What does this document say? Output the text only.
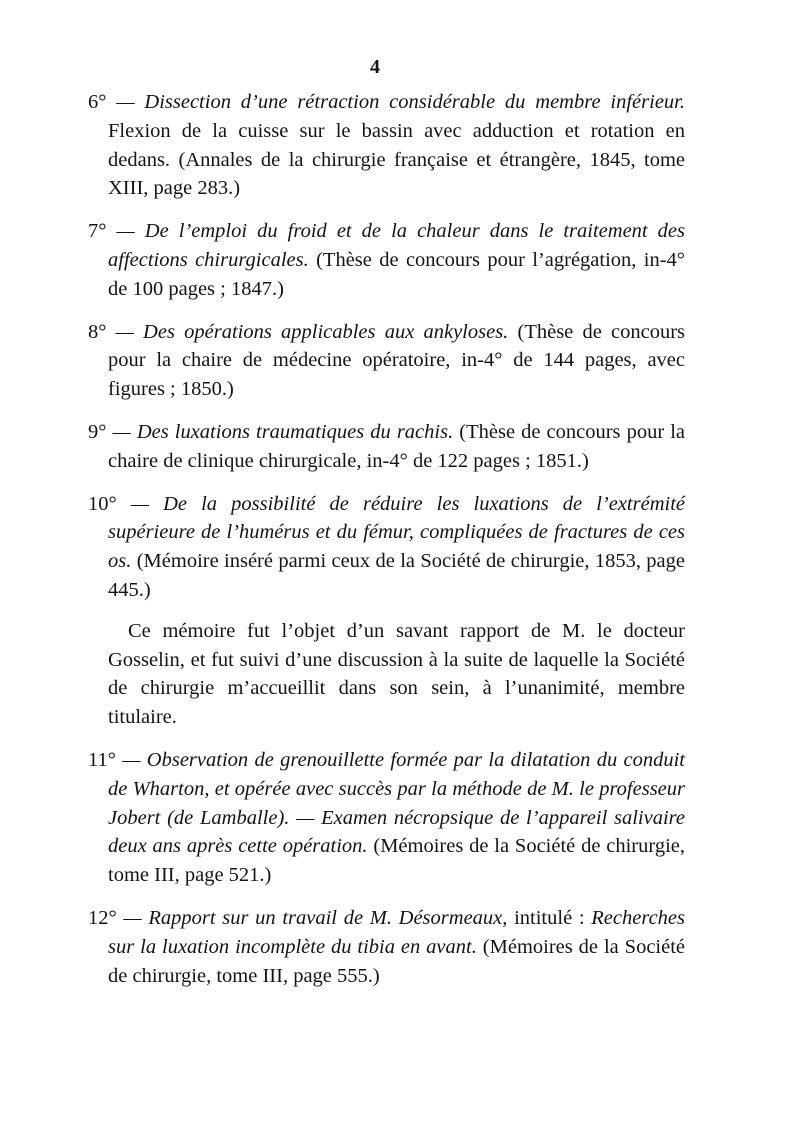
4

6° — Dissection d’une rétraction considérable du membre inférieur. Flexion de la cuisse sur le bassin avec adduction et rotation en dedans. (Annales de la chirurgie française et étrangère, 1845, tome XIII, page 283.)

7° — De l’emploi du froid et de la chaleur dans le traitement des affections chirurgicales. (Thèse de concours pour l’agrégation, in-4° de 100 pages ; 1847.)

8° — Des opérations applicables aux ankyloses. (Thèse de concours pour la chaire de médecine opératoire, in-4° de 144 pages, avec figures ; 1850.)

9° — Des luxations traumatiques du rachis. (Thèse de concours pour la chaire de clinique chirurgicale, in-4° de 122 pages ; 1851.)

10° — De la possibilité de réduire les luxations de l’extrémité supérieure de l’humérus et du fémur, compliquées de fractures de ces os. (Mémoire inséré parmi ceux de la Société de chirurgie, 1853, page 445.)

Ce mémoire fut l’objet d’un savant rapport de M. le docteur Gosselin, et fut suivi d’une discussion à la suite de laquelle la Société de chirurgie m’accueillit dans son sein, à l’unanimité, membre titulaire.

11° — Observation de grenouillette formée par la dilatation du conduit de Wharton, et opérée avec succès par la méthode de M. le professeur Jobert (de Lamballe). — Examen nécropsique de l’appareil salivaire deux ans après cette opération. (Mémoires de la Société de chirurgie, tome III, page 521.)

12° — Rapport sur un travail de M. Désormeaux, intitulé : Recherches sur la luxation incomplète du tibia en avant. (Mémoires de la Société de chirurgie, tome III, page 555.)
